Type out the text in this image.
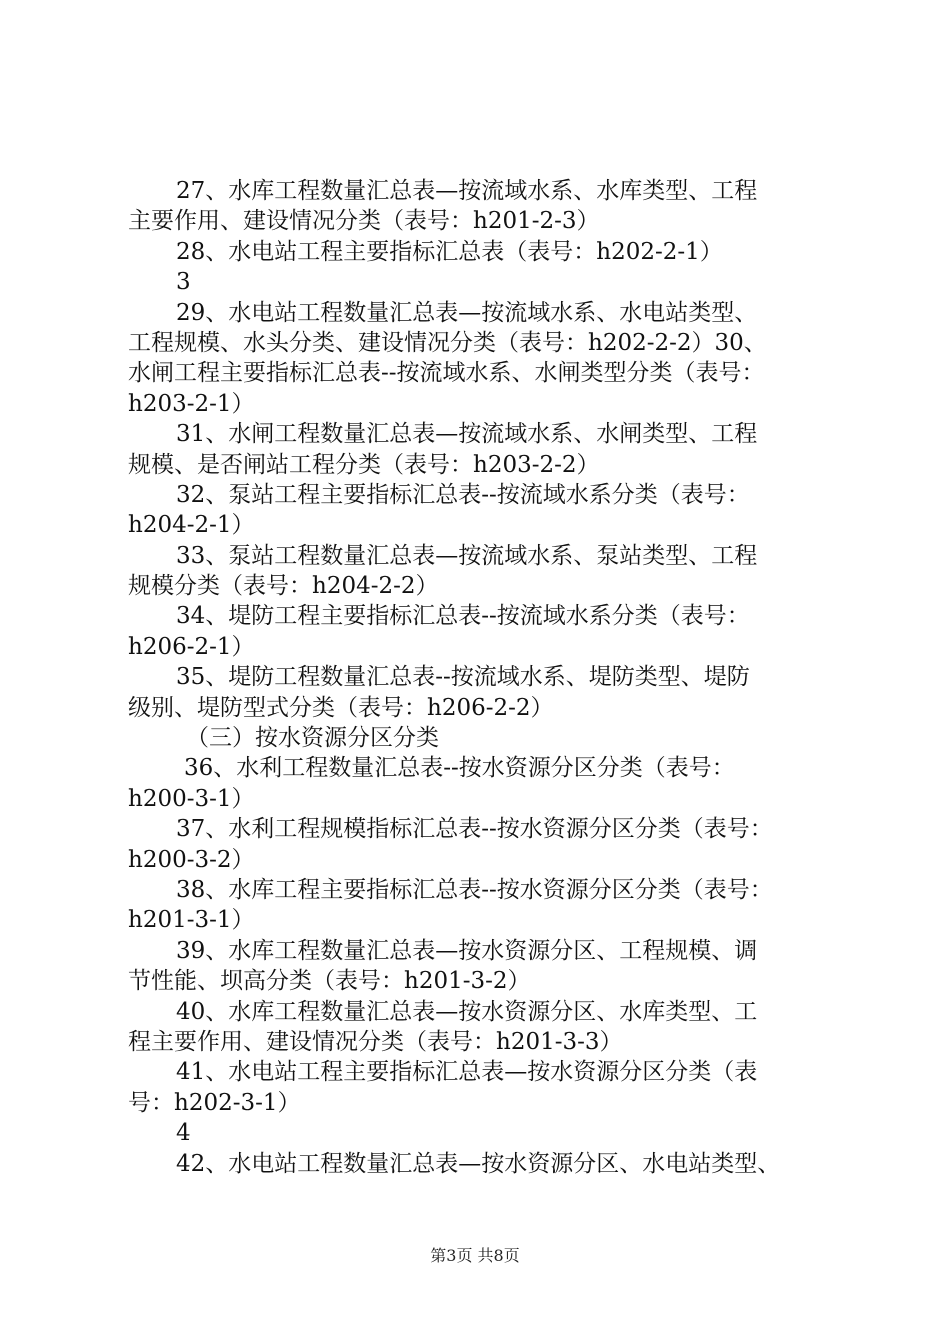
27、水库工程数量汇总表—按流域水系、水库类型、工程
主要作用、建设情况分类（表号：h201-2-3）
28、水电站工程主要指标汇总表（表号：h202-2-1）
3
29、水电站工程数量汇总表—按流域水系、水电站类型、
工程规模、水头分类、建设情况分类（表号：h202-2-2）30、
水闸工程主要指标汇总表--按流域水系、水闸类型分类（表号：
h203-2-1）
31、水闸工程数量汇总表—按流域水系、水闸类型、工程
规模、是否闸站工程分类（表号：h203-2-2）
32、泵站工程主要指标汇总表--按流域水系分类（表号：
h204-2-1）
33、泵站工程数量汇总表—按流域水系、泵站类型、工程
规模分类（表号：h204-2-2）
34、堤防工程主要指标汇总表--按流域水系分类（表号：
h206-2-1）
35、堤防工程数量汇总表--按流域水系、堤防类型、堤防
级别、堤防型式分类（表号：h206-2-2）
（三）按水资源分区分类
36、水利工程数量汇总表--按水资源分区分类（表号：
h200-3-1）
37、水利工程规模指标汇总表--按水资源分区分类（表号：
h200-3-2）
38、水库工程主要指标汇总表--按水资源分区分类（表号：
h201-3-1）
39、水库工程数量汇总表—按水资源分区、工程规模、调
节性能、坝高分类（表号：h201-3-2）
40、水库工程数量汇总表—按水资源分区、水库类型、工
程主要作用、建设情况分类（表号：h201-3-3）
41、水电站工程主要指标汇总表—按水资源分区分类（表
号：h202-3-1）
4
42、水电站工程数量汇总表—按水资源分区、水电站类型、
第3页 共8页
